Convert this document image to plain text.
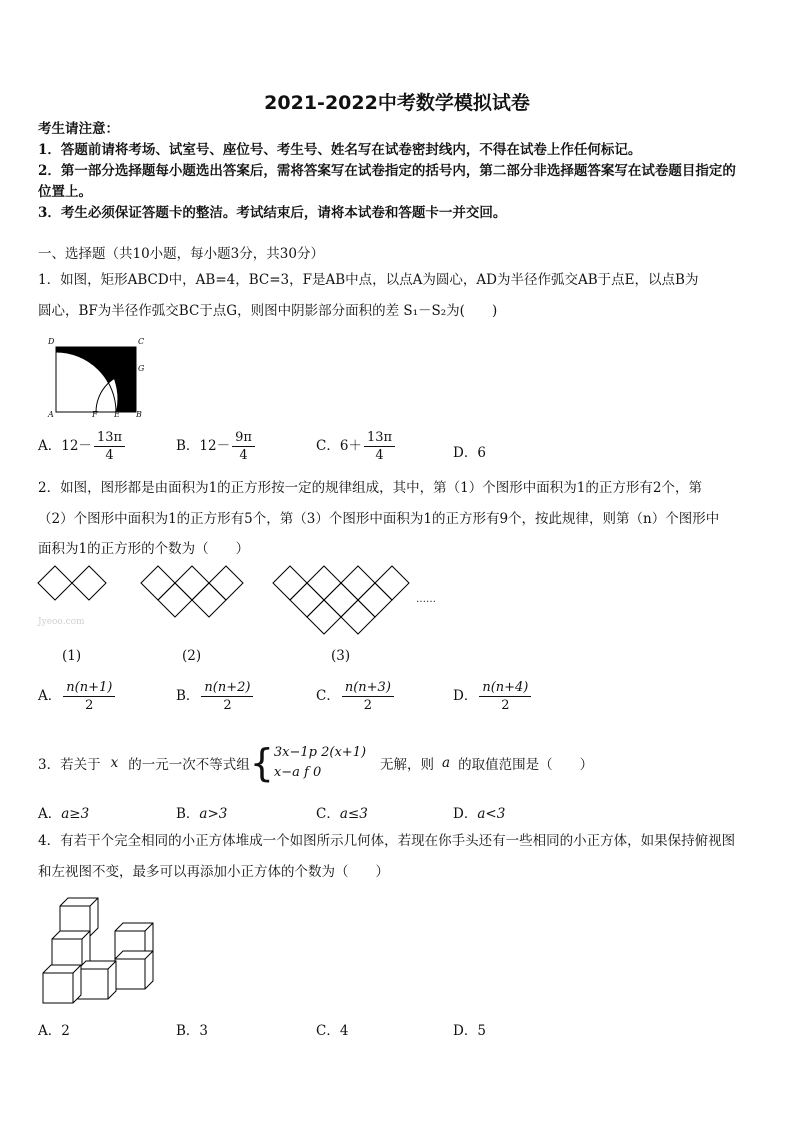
2021-2022中考数学模拟试卷
考生请注意：
1．答题前请将考场、试室号、座位号、考生号、姓名写在试卷密封线内，不得在试卷上作任何标记。
2．第一部分选择题每小题选出答案后，需将答案写在试卷指定的括号内，第二部分非选择题答案写在试卷题目指定的
位置上。
3．考生必须保证答题卡的整洁。考试结束后，请将本试卷和答题卡一并交回。
一、选择题（共10小题，每小题3分，共30分）
1．如图，矩形ABCD中，AB=4，BC=3，F是AB中点，以点A为圆心，AD为半径作弧交AB于点E，以点B为
圆心，BF为半径作弧交BC于点G，则图中阴影部分面积的差 S₁－S₂为(　　)
D	C
G
A	F E B
A．$12- \frac{13\pi}{4}$	B．$12- \frac{9\pi}{4}$	C．$6+ \frac{13\pi}{4}$	D．6
2．如图，图形都是由面积为1的正方形按一定的规律组成，其中，第（1）个图形中面积为1的正方形有2个，第
（2）个图形中面积为1的正方形有5个，第（3）个图形中面积为1的正方形有9个，按此规律，则第（n）个图形中
面积为1的正方形的个数为（　　）
……
Jyeoo.com
(1)	(2)	(3)
A． $\frac{n(n+1)}{2}$	B． $\frac{n(n+2)}{2}$	C． $\frac{n(n+3)}{2}$	D． $\frac{n(n+4)}{2}$
3．若关于 x 的一元一次不等式组 { 3x−1p 2(x+1)
x−a f 0	无解，则 a 的取值范围是（　　）
A．a≥3	B．a>3	C．a≤3	D．a<3
4．有若干个完全相同的小正方体堆成一个如图所示几何体，若现在你手头还有一些相同的小正方体，如果保持俯视图
和左视图不变，最多可以再添加小正方体的个数为（　　）
A．2	B．3	C．4	D．5
